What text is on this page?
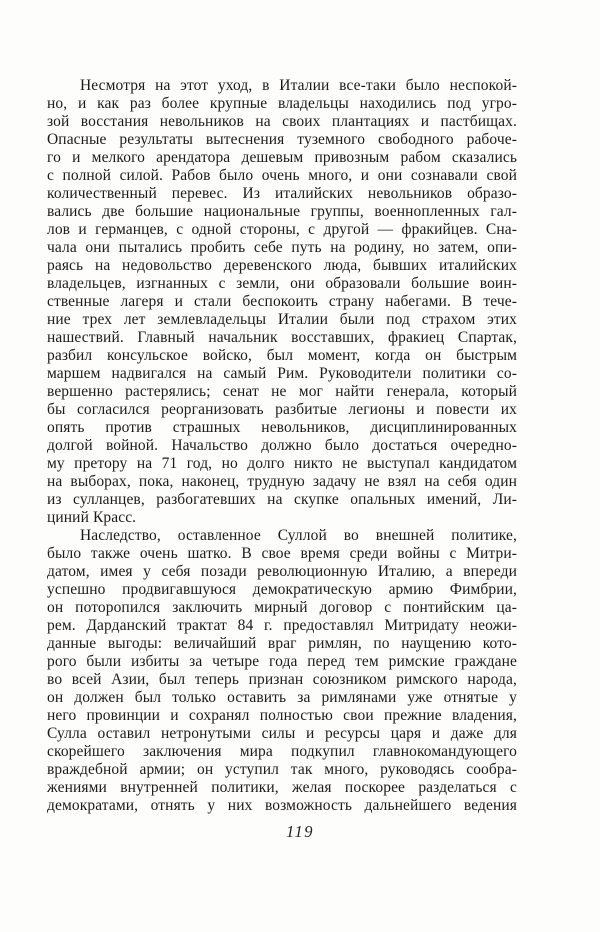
Несмотря на этот уход, в Италии все-таки было неспокой-
но, и как раз более крупные владельцы находились под угро-
зой восстания невольников на своих плантациях и пастбищах.
Опасные результаты вытеснения туземного свободного рабоче-
го и мелкого арендатора дешевым привозным рабом сказались
с полной силой. Рабов было очень много, и они сознавали свой
количественный перевес. Из италийских невольников образо-
вались две большие национальные группы, военнопленных гал-
лов и германцев, с одной стороны, с другой — фракийцев. Сна-
чала они пытались пробить себе путь на родину, но затем, опи-
раясь на недовольство деревенского люда, бывших италийских
владельцев, изгнанных с земли, они образовали большие воин-
ственные лагеря и стали беспокоить страну набегами. В тече-
ние трех лет землевладельцы Италии были под страхом этих
нашествий. Главный начальник восставших, фракиец Спартак,
разбил консульское войско, был момент, когда он быстрым
маршем надвигался на самый Рим. Руководители политики со-
вершенно растерялись; сенат не мог найти генерала, который
бы согласился реорганизовать разбитые легионы и повести их
опять против страшных невольников, дисциплинированных
долгой войной. Начальство должно было достаться очередно-
му претору на 71 год, но долго никто не выступал кандидатом
на выборах, пока, наконец, трудную задачу не взял на себя один
из сулланцев, разбогатевших на скупке опальных имений, Ли-
циний Красс.
Наследство, оставленное Суллой во внешней политике,
было также очень шатко. В свое время среди войны с Митри-
датом, имея у себя позади революционную Италию, а впереди
успешно продвигавшуюся демократическую армию Фимбрии,
он поторопился заключить мирный договор с понтийским ца-
рем. Дарданский трактат 84 г. предоставлял Митридату неожи-
данные выгоды: величайший враг римлян, по наущению кото-
рого были избиты за четыре года перед тем римские граждане
во всей Азии, был теперь признан союзником римского народа,
он должен был только оставить за римлянами уже отнятые у
него провинции и сохранял полностью свои прежние владения,
Сулла оставил нетронутыми силы и ресурсы царя и даже для
скорейшего заключения мира подкупил главнокомандующего
враждебной армии; он уступил так много, руководясь сообра-
жениями внутренней политики, желая поскорее разделаться с
демократами, отнять у них возможность дальнейшего ведения
119
